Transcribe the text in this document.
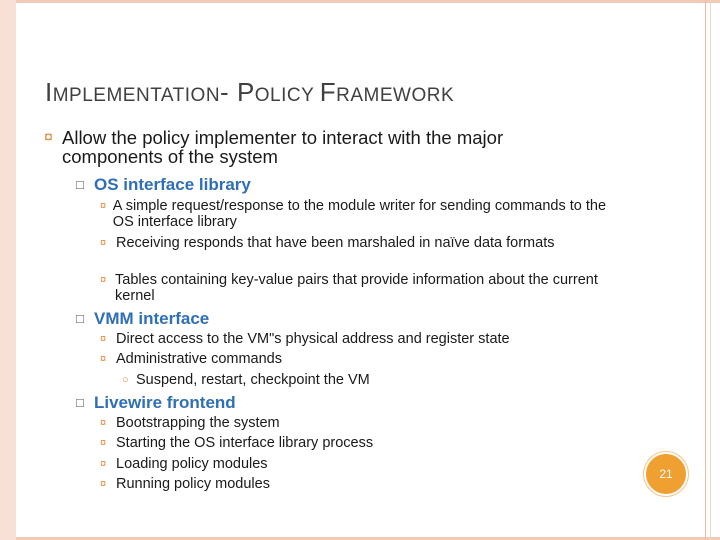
IMPLEMENTATION- POLICY FRAMEWORK
¤ Allow the policy implementer to interact with the major components of the system
□ OS interface library
¤ A simple request/response to the module writer for sending commands to the OS interface library
¤ Receiving responds that have been marshaled in naïve data formats
¤ Tables containing key-value pairs that provide information about the current kernel
□ VMM interface
¤ Direct access to the VM"s physical address and register state
¤ Administrative commands
○ Suspend, restart, checkpoint the VM
□ Livewire frontend
¤ Bootstrapping the system
¤ Starting the OS interface library process
¤ Loading policy modules
¤ Running policy modules
21
